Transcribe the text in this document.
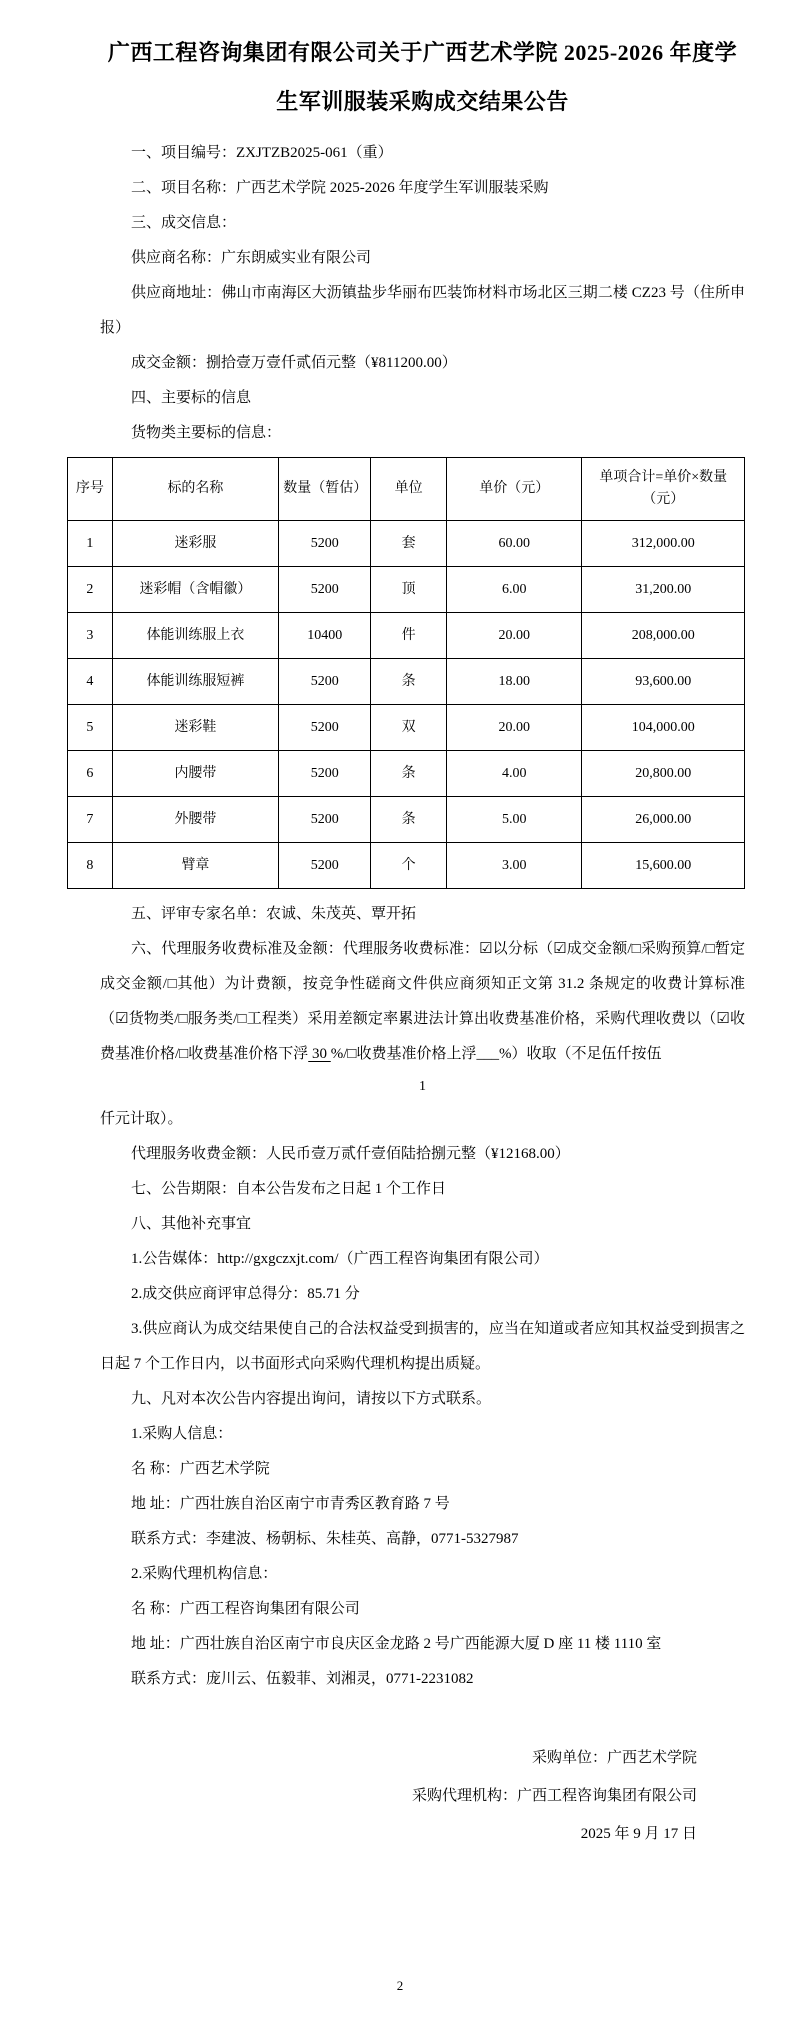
广西工程咨询集团有限公司关于广西艺术学院 2025-2026 年度学生军训服装采购成交结果公告

一、项目编号：ZXJTZB2025-061（重）

二、项目名称：广西艺术学院 2025-2026 年度学生军训服装采购

三、成交信息：

供应商名称：广东朗威实业有限公司

供应商地址：佛山市南海区大沥镇盐步华丽布匹装饰材料市场北区三期二楼 CZ23 号（住所申报）

成交金额：捌拾壹万壹仟贰佰元整（¥811200.00）

四、主要标的信息

货物类主要标的信息：

序号	标的名称	数量（暂估）	单位	单价（元）	单项合计=单价×数量（元）
1	迷彩服	5200	套	60.00	312,000.00
2	迷彩帽（含帽徽）	5200	顶	6.00	31,200.00
3	体能训练服上衣	10400	件	20.00	208,000.00
4	体能训练服短裤	5200	条	18.00	93,600.00
5	迷彩鞋	5200	双	20.00	104,000.00
6	内腰带	5200	条	4.00	20,800.00
7	外腰带	5200	条	5.00	26,000.00
8	臂章	5200	个	3.00	15,600.00

五、评审专家名单：农诚、朱茂英、覃开拓

六、代理服务收费标准及金额：代理服务收费标准：☑以分标（☑成交金额/□采购预算/□暂定成交金额/□其他）为计费额，按竞争性磋商文件供应商须知正文第 31.2 条规定的收费计算标准（☑货物类/□服务类/□工程类）采用差额定率累进法计算出收费基准价格，采购代理收费以（☑收费基准价格/□收费基准价格下浮 30 %/□收费基准价格上浮___%）收取（不足伍仟按伍

1

仟元计取）。

代理服务收费金额：人民币壹万贰仟壹佰陆拾捌元整（¥12168.00）

七、公告期限：自本公告发布之日起 1 个工作日

八、其他补充事宜

1.公告媒体：http://gxgczxjt.com/（广西工程咨询集团有限公司）

2.成交供应商评审总得分：85.71 分

3.供应商认为成交结果使自己的合法权益受到损害的，应当在知道或者应知其权益受到损害之日起 7 个工作日内，以书面形式向采购代理机构提出质疑。

九、凡对本次公告内容提出询问，请按以下方式联系。

1.采购人信息：

名 称：广西艺术学院

地 址：广西壮族自治区南宁市青秀区教育路 7 号

联系方式：李建波、杨朝标、朱桂英、高静，0771-5327987

2.采购代理机构信息：

名 称：广西工程咨询集团有限公司

地 址：广西壮族自治区南宁市良庆区金龙路 2 号广西能源大厦 D 座 11 楼 1110 室

联系方式：庞川云、伍毅菲、刘湘灵，0771-2231082

采购单位：广西艺术学院

采购代理机构：广西工程咨询集团有限公司

2025 年 9 月 17 日

2
